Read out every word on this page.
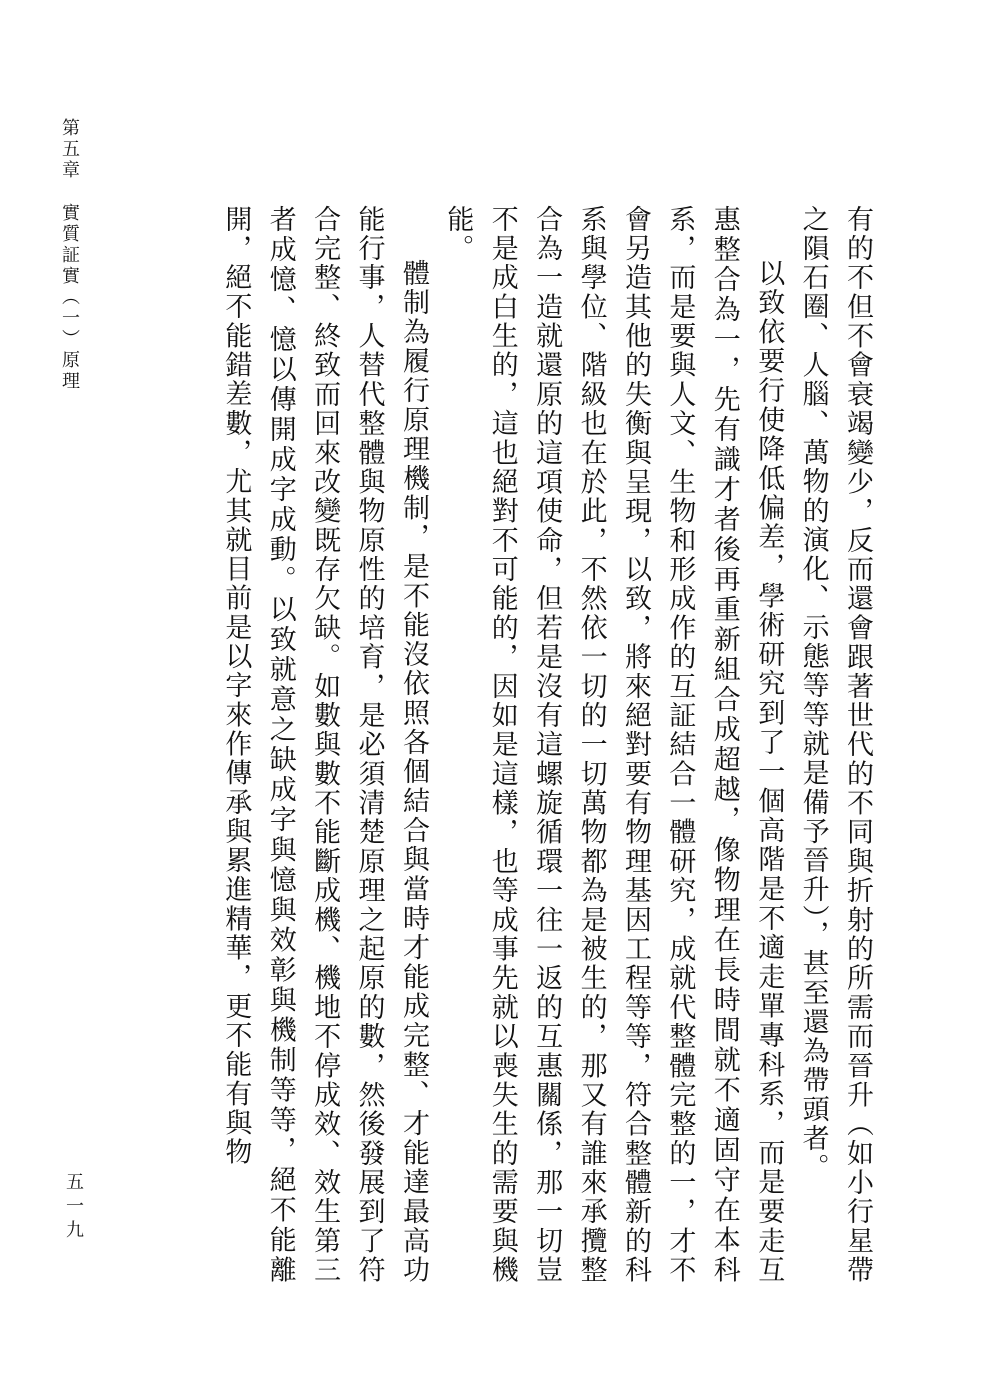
第五章實質証實（一）原理	有的不但不會衰竭變少，反而還會跟著世代的不同與折射的所需而晉升（如小行星帶之隕石圈、人腦、萬物的演化、示態等等就是備予晉升），甚至還為帶頭者。

以致依要行使降低偏差，學術研究到了一個高階是不適走單專科系，而是要走互惠整合為一，先有識才者後再重新組合成超越，像物理在長時間就不適固守在本科系，而是要與人文、生物和形成作的互証結合一體研究，成就代整體完整的一，才不會另造其他的失衡與呈現，以致，將來絕對要有物理基因工程等等，符合整體新的科系與學位、階級也在於此，不然依一切的一切萬物都為是被生的，那又有誰來承攬整合為一造就還原的這項使命，但若是沒有這螺旋循環一往一返的互惠關係，那一切豈不是成白生的，這也絕對不可能的，因如是這樣，也等成事先就以喪失生的需要與機能。

體制為履行原理機制，是不能沒依照各個結合與當時才能成完整、才能達最高功能行事，人替代整體與物原性的培育，是必須清楚原理之起原的數，然後發展到了符合完整、終致而回來改變既存欠缺。如數與數不能斷成機、機地不停成效、效生第三者成憶、憶以傳開成字成動。以致就意之缺成字與憶與效彰與機制等等，絕不能離開，絕不能錯差數，尤其就目前是以字來作傳承與累進精華，更不能有與物

五一九
